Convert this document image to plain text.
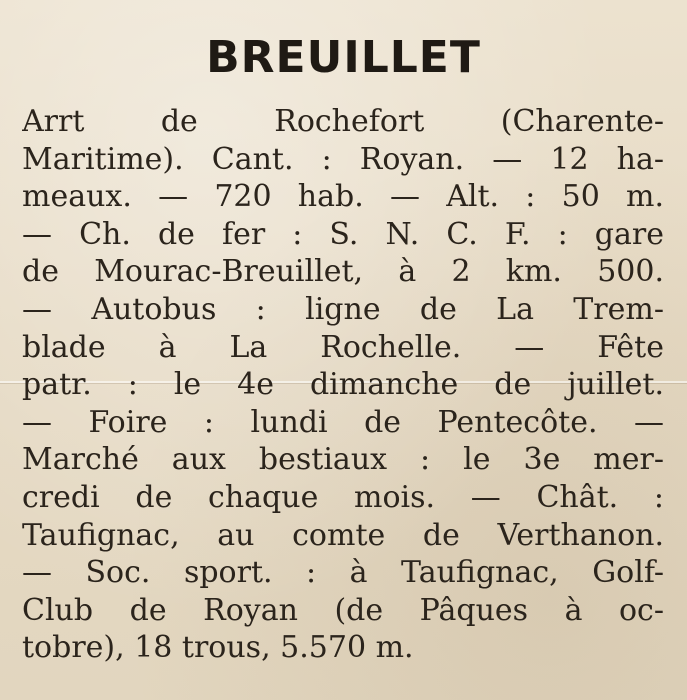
BREUILLET
Arrt de Rochefort (Charente-
Maritime). Cant. : Royan. — 12 ha-
meaux. — 720 hab. — Alt. : 50 m.
— Ch. de fer : S. N. C. F. : gare
de Mourac-Breuillet, à 2 km. 500.
— Autobus : ligne de La Trem-
blade à La Rochelle. — Fête
patr. : le 4e dimanche de juillet.
— Foire : lundi de Pentecôte. —
Marché aux bestiaux : le 3e mer-
credi de chaque mois. — Chât. :
Taufignac, au comte de Verthanon.
— Soc. sport. : à Taufignac, Golf-
Club de Royan (de Pâques à oc-
tobre), 18 trous, 5.570 m.
